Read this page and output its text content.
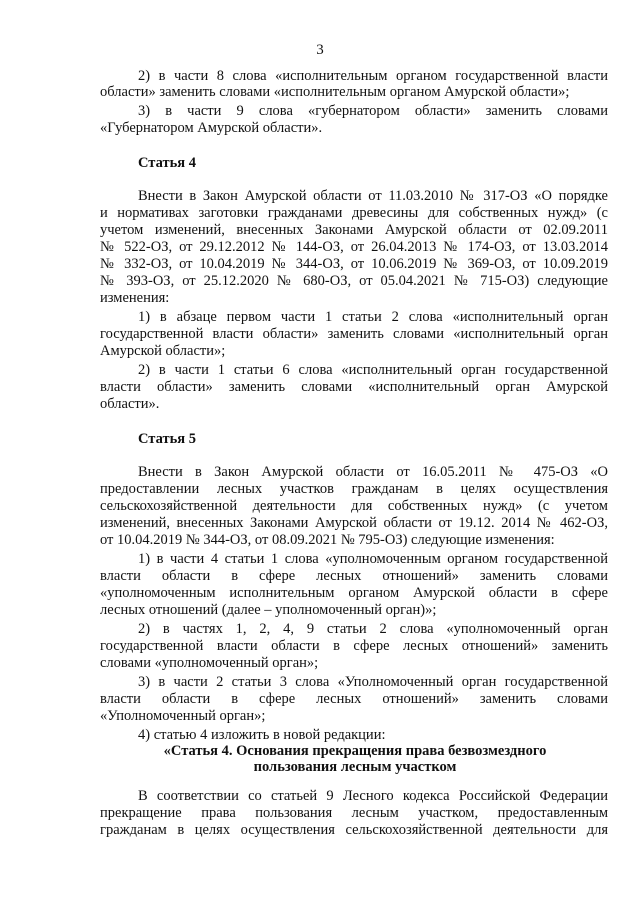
3

2) в части 8 слова «исполнительным органом государственной власти

области» заменить словами «исполнительным органом Амурской области»;

3) в части 9 слова «губернатором области» заменить словами

«Губернатором Амурской области».

Статья 4

Внести в Закон Амурской области от 11.03.2010 № 317-ОЗ «О порядке

и нормативах заготовки гражданами древесины для собственных нужд» (с

учетом изменений, внесенных Законами Амурской области от 02.09.2011

№ 522-ОЗ, от 29.12.2012 № 144-ОЗ, от 26.04.2013 № 174-ОЗ, от 13.03.2014

№ 332-ОЗ, от 10.04.2019 № 344-ОЗ, от 10.06.2019 № 369-ОЗ, от 10.09.2019

№ 393-ОЗ, от 25.12.2020 № 680-ОЗ, от 05.04.2021 № 715-ОЗ) следующие

изменения:

1) в абзаце первом части 1 статьи 2 слова «исполнительный орган

государственной власти области» заменить словами «исполнительный орган

Амурской области»;

2) в части 1 статьи 6 слова «исполнительный орган государственной

власти области» заменить словами «исполнительный орган Амурской

области».

Статья 5

Внести в Закон Амурской области от 16.05.2011 № 475-ОЗ «О

предоставлении лесных участков гражданам в целях осуществления

сельскохозяйственной деятельности для собственных нужд» (с учетом

изменений, внесенных Законами Амурской области от 19.12. 2014 № 462-ОЗ,

от 10.04.2019 № 344-ОЗ, от 08.09.2021 № 795-ОЗ) следующие изменения:

1) в части 4 статьи 1 слова «уполномоченным органом государственной

власти области в сфере лесных отношений» заменить словами

«уполномоченным исполнительным органом Амурской области в сфере

лесных отношений (далее – уполномоченный орган)»;

2) в частях 1, 2, 4, 9 статьи 2 слова «уполномоченный орган

государственной власти области в сфере лесных отношений» заменить

словами «уполномоченный орган»;

3) в части 2 статьи 3 слова «Уполномоченный орган государственной

власти области в сфере лесных отношений» заменить словами

«Уполномоченный орган»;

4) статью 4 изложить в новой редакции:

«Статья 4. Основания прекращения права безвозмездного

пользования лесным участком

В соответствии со статьей 9 Лесного кодекса Российской Федерации

прекращение права пользования лесным участком, предоставленным

гражданам в целях осуществления сельскохозяйственной деятельности для
